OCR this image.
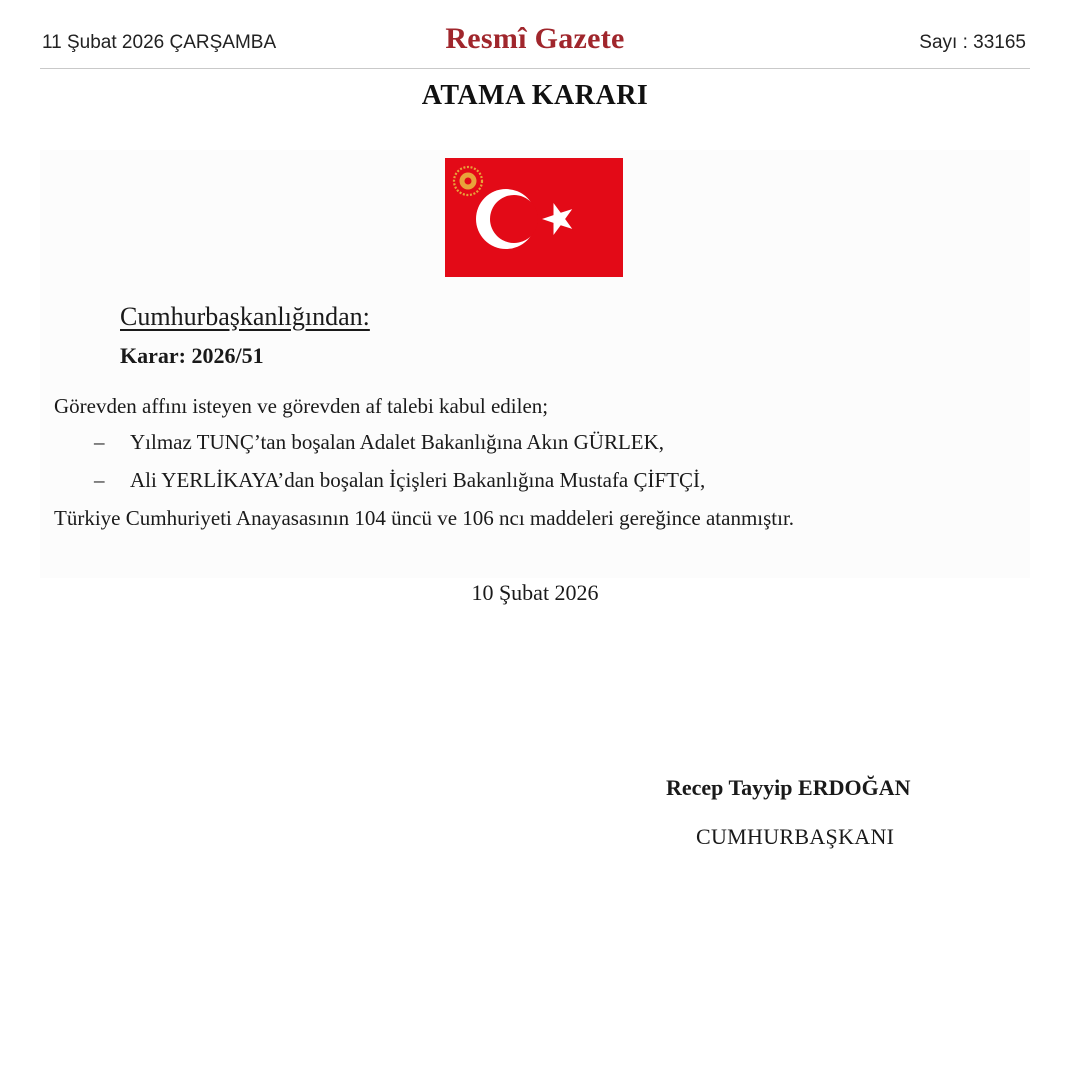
11 Şubat 2026 ÇARŞAMBA	Resmî Gazete	Sayı : 33165
ATAMA KARARI
Cumhurbaşkanlığından:
Karar: 2026/51
Görevden affını isteyen ve görevden af talebi kabul edilen;
– Yılmaz TUNÇ’tan boşalan Adalet Bakanlığına Akın GÜRLEK,
– Ali YERLİKAYA’dan boşalan İçişleri Bakanlığına Mustafa ÇİFTÇİ,
Türkiye Cumhuriyeti Anayasasının 104 üncü ve 106 ncı maddeleri gereğince atanmıştır.
10 Şubat 2026
Recep Tayyip ERDOĞAN
CUMHURBAŞKANI
